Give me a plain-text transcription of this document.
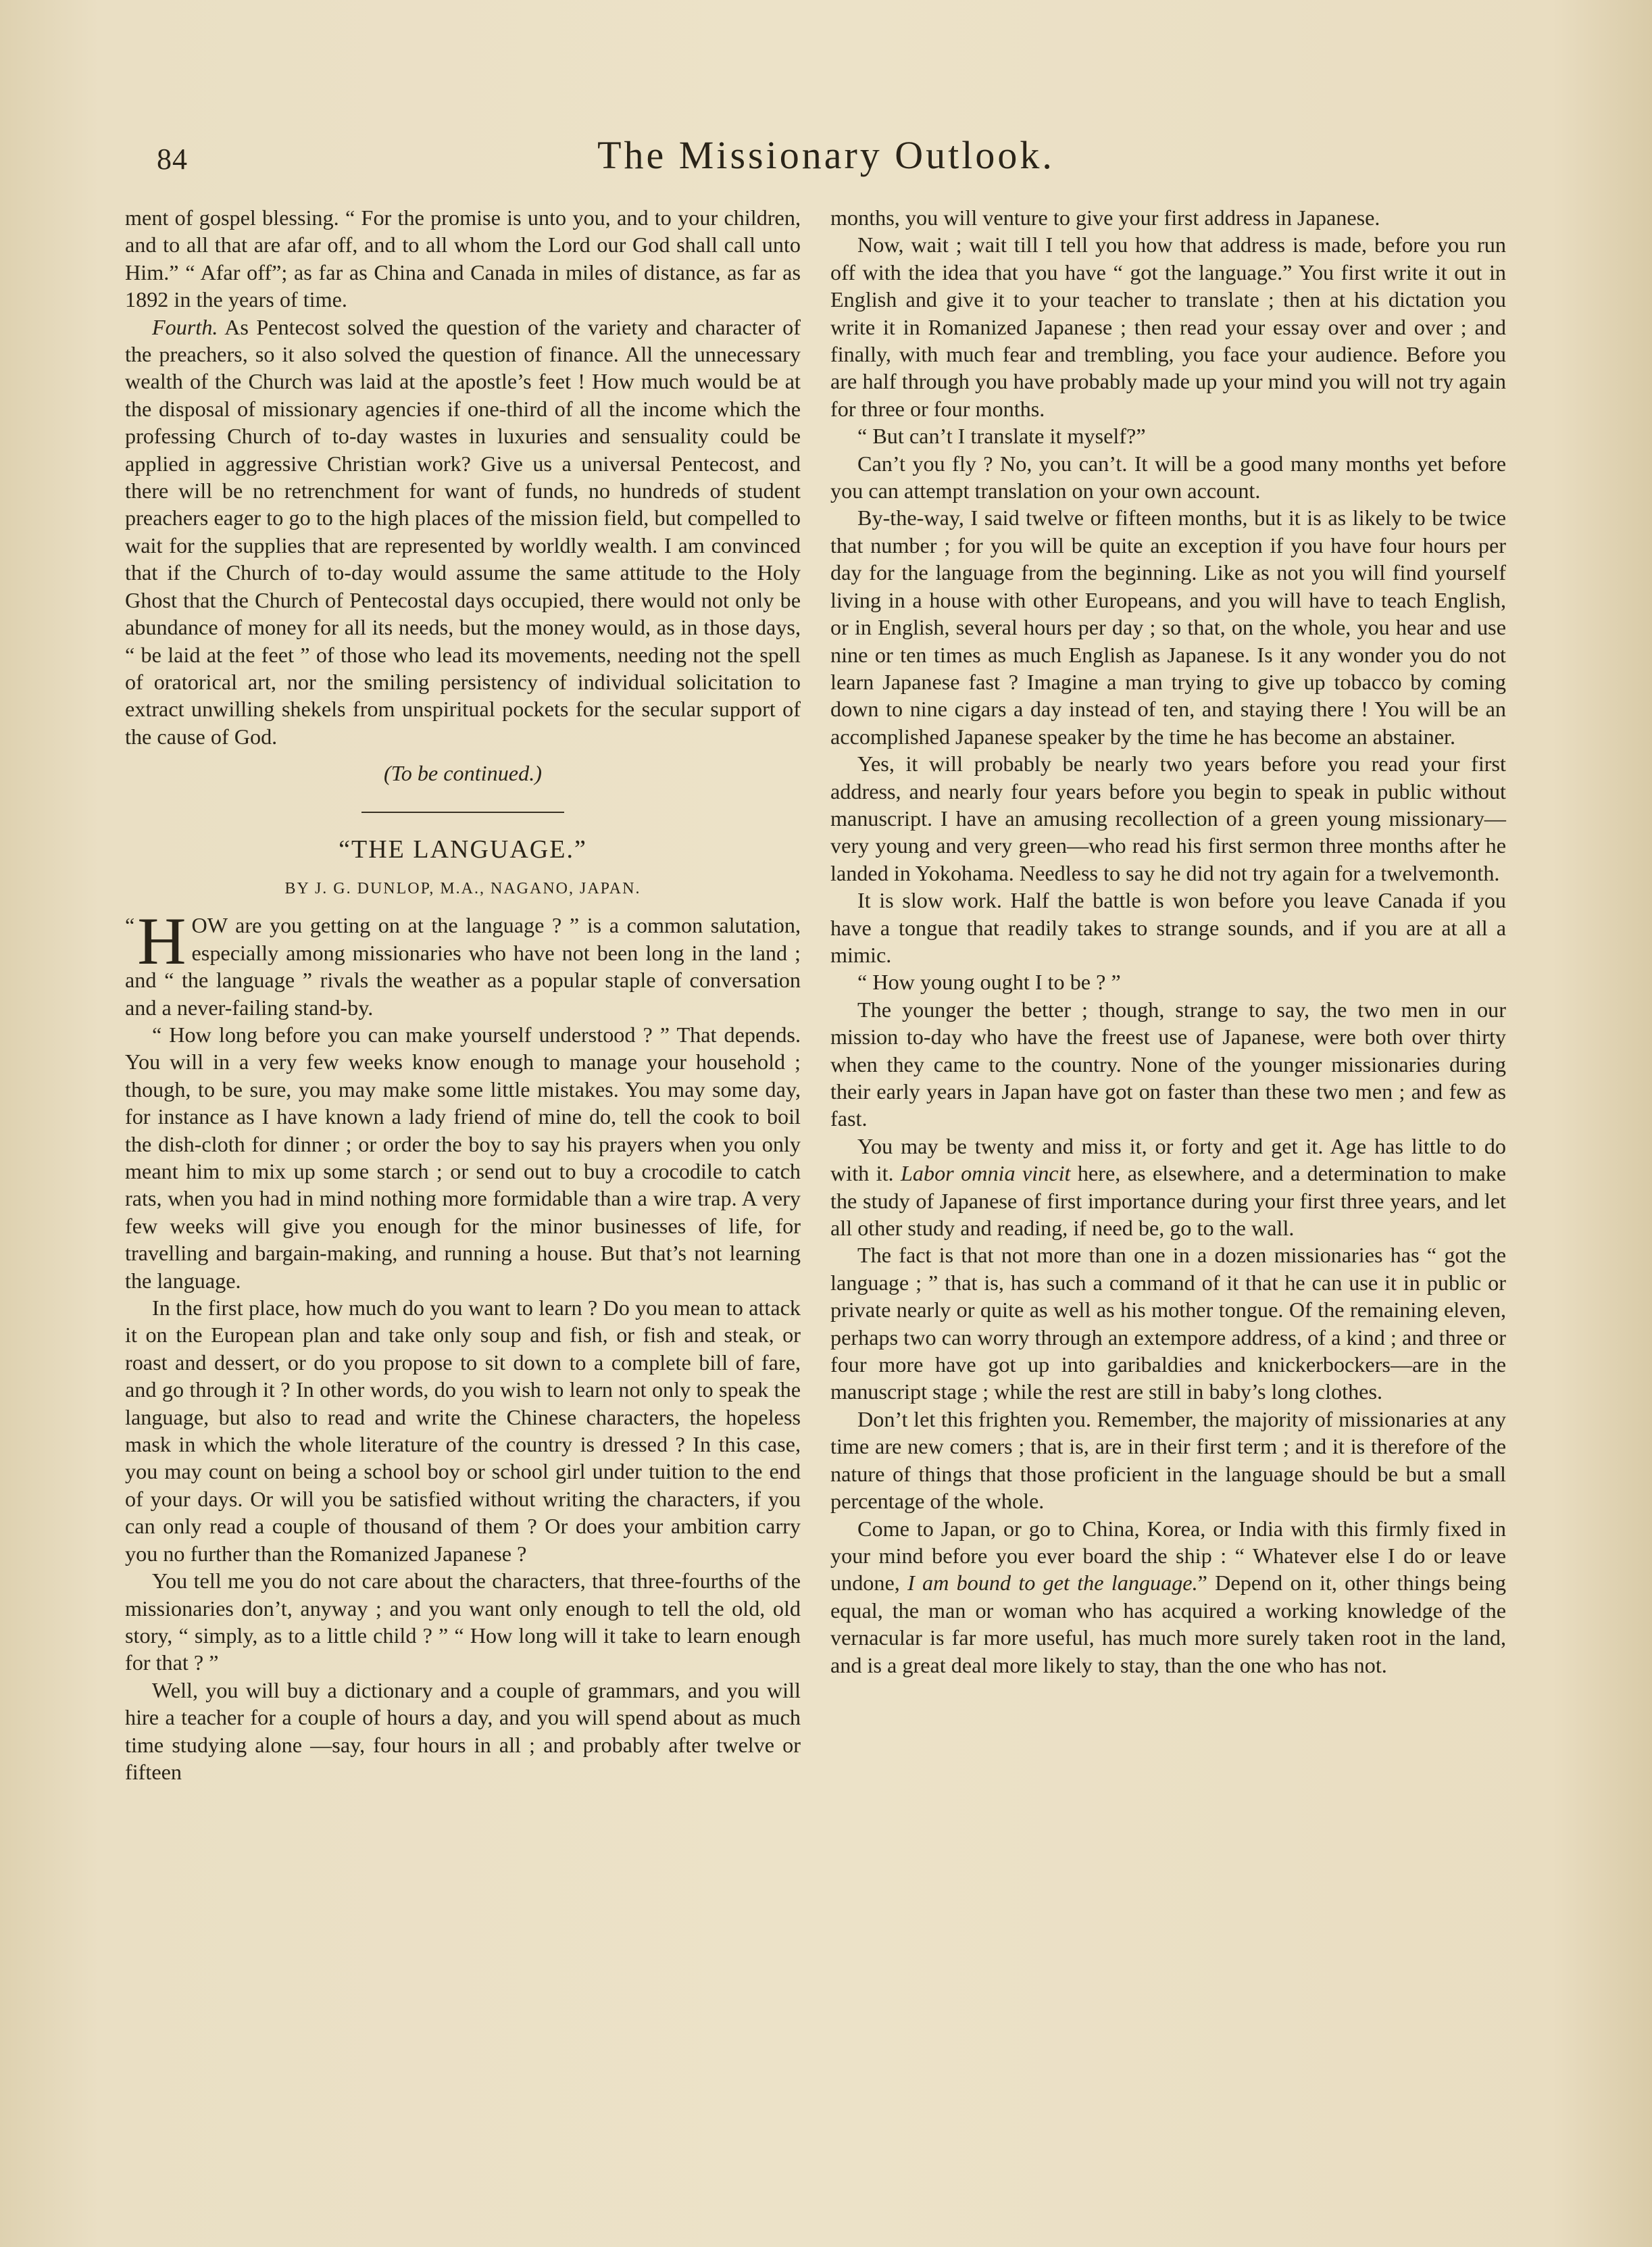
84	The Missionary Outlook.

ment of gospel blessing. “ For the promise is unto you, and to your children, and to all that are afar off, and to all whom the Lord our God shall call unto Him.” “ Afar off”; as far as China and Canada in miles of distance, as far as 1892 in the years of time.

Fourth. As Pentecost solved the question of the variety and character of the preachers, so it also solved the question of finance. All the unnecessary wealth of the Church was laid at the apostle’s feet ! How much would be at the disposal of missionary agencies if one-third of all the income which the professing Church of to-day wastes in luxuries and sensuality could be applied in aggressive Christian work? Give us a universal Pentecost, and there will be no retrenchment for want of funds, no hundreds of student preachers eager to go to the high places of the mission field, but compelled to wait for the supplies that are represented by worldly wealth. I am convinced that if the Church of to-day would assume the same attitude to the Holy Ghost that the Church of Pentecostal days occupied, there would not only be abundance of money for all its needs, but the money would, as in those days, “ be laid at the feet ” of those who lead its movements, needing not the spell of oratorical art, nor the smiling persistency of individual solicitation to extract unwilling shekels from unspiritual pockets for the secular support of the cause of God.

(To be continued.)

“THE LANGUAGE.”

BY J. G. DUNLOP, M.A., NAGANO, JAPAN.

“ H OW are you getting on at the language ? ” is a common salutation, especially among missionaries who have not been long in the land ; and “ the language ” rivals the weather as a popular staple of conversation and a never-failing stand-by.

“ How long before you can make yourself understood ? ” That depends. You will in a very few weeks know enough to manage your household ; though, to be sure, you may make some little mistakes. You may some day, for instance as I have known a lady friend of mine do, tell the cook to boil the dish-cloth for dinner ; or order the boy to say his prayers when you only meant him to mix up some starch ; or send out to buy a crocodile to catch rats, when you had in mind nothing more formidable than a wire trap. A very few weeks will give you enough for the minor businesses of life, for travelling and bargain-making, and running a house. But that’s not learning the language.

In the first place, how much do you want to learn ? Do you mean to attack it on the European plan and take only soup and fish, or fish and steak, or roast and dessert, or do you propose to sit down to a complete bill of fare, and go through it ? In other words, do you wish to learn not only to speak the language, but also to read and write the Chinese characters, the hopeless mask in which the whole literature of the country is dressed ? In this case, you may count on being a school boy or school girl under tuition to the end of your days. Or will you be satisfied without writing the characters, if you can only read a couple of thousand of them ? Or does your ambition carry you no further than the Romanized Japanese ?

You tell me you do not care about the characters, that three-fourths of the missionaries don’t, anyway ; and you want only enough to tell the old, old story, “ simply, as to a little child ? ” “ How long will it take to learn enough for that ? ”

Well, you will buy a dictionary and a couple of grammars, and you will hire a teacher for a couple of hours a day, and you will spend about as much time studying alone —say, four hours in all ; and probably after twelve or fifteen

months, you will venture to give your first address in Japanese.

Now, wait ; wait till I tell you how that address is made, before you run off with the idea that you have “ got the language.” You first write it out in English and give it to your teacher to translate ; then at his dictation you write it in Romanized Japanese ; then read your essay over and over ; and finally, with much fear and trembling, you face your audience. Before you are half through you have probably made up your mind you will not try again for three or four months.

“ But can’t I translate it myself?”

Can’t you fly ? No, you can’t. It will be a good many months yet before you can attempt translation on your own account.

By-the-way, I said twelve or fifteen months, but it is as likely to be twice that number ; for you will be quite an exception if you have four hours per day for the language from the beginning. Like as not you will find yourself living in a house with other Europeans, and you will have to teach English, or in English, several hours per day ; so that, on the whole, you hear and use nine or ten times as much English as Japanese. Is it any wonder you do not learn Japanese fast ? Imagine a man trying to give up tobacco by coming down to nine cigars a day instead of ten, and staying there ! You will be an accomplished Japanese speaker by the time he has become an abstainer.

Yes, it will probably be nearly two years before you read your first address, and nearly four years before you begin to speak in public without manuscript. I have an amusing recollection of a green young missionary—very young and very green—who read his first sermon three months after he landed in Yokohama. Needless to say he did not try again for a twelvemonth.

It is slow work. Half the battle is won before you leave Canada if you have a tongue that readily takes to strange sounds, and if you are at all a mimic.

“ How young ought I to be ? ”

The younger the better ; though, strange to say, the two men in our mission to-day who have the freest use of Japanese, were both over thirty when they came to the country. None of the younger missionaries during their early years in Japan have got on faster than these two men ; and few as fast.

You may be twenty and miss it, or forty and get it. Age has little to do with it. Labor omnia vincit here, as elsewhere, and a determination to make the study of Japanese of first importance during your first three years, and let all other study and reading, if need be, go to the wall.

The fact is that not more than one in a dozen missionaries has “ got the language ; ” that is, has such a command of it that he can use it in public or private nearly or quite as well as his mother tongue. Of the remaining eleven, perhaps two can worry through an extempore address, of a kind ; and three or four more have got up into garibaldies and knickerbockers—are in the manuscript stage ; while the rest are still in baby’s long clothes.

Don’t let this frighten you. Remember, the majority of missionaries at any time are new comers ; that is, are in their first term ; and it is therefore of the nature of things that those proficient in the language should be but a small percentage of the whole.

Come to Japan, or go to China, Korea, or India with this firmly fixed in your mind before you ever board the ship : “ Whatever else I do or leave undone, I am bound to get the language.” Depend on it, other things being equal, the man or woman who has acquired a working knowledge of the vernacular is far more useful, has much more surely taken root in the land, and is a great deal more likely to stay, than the one who has not.
